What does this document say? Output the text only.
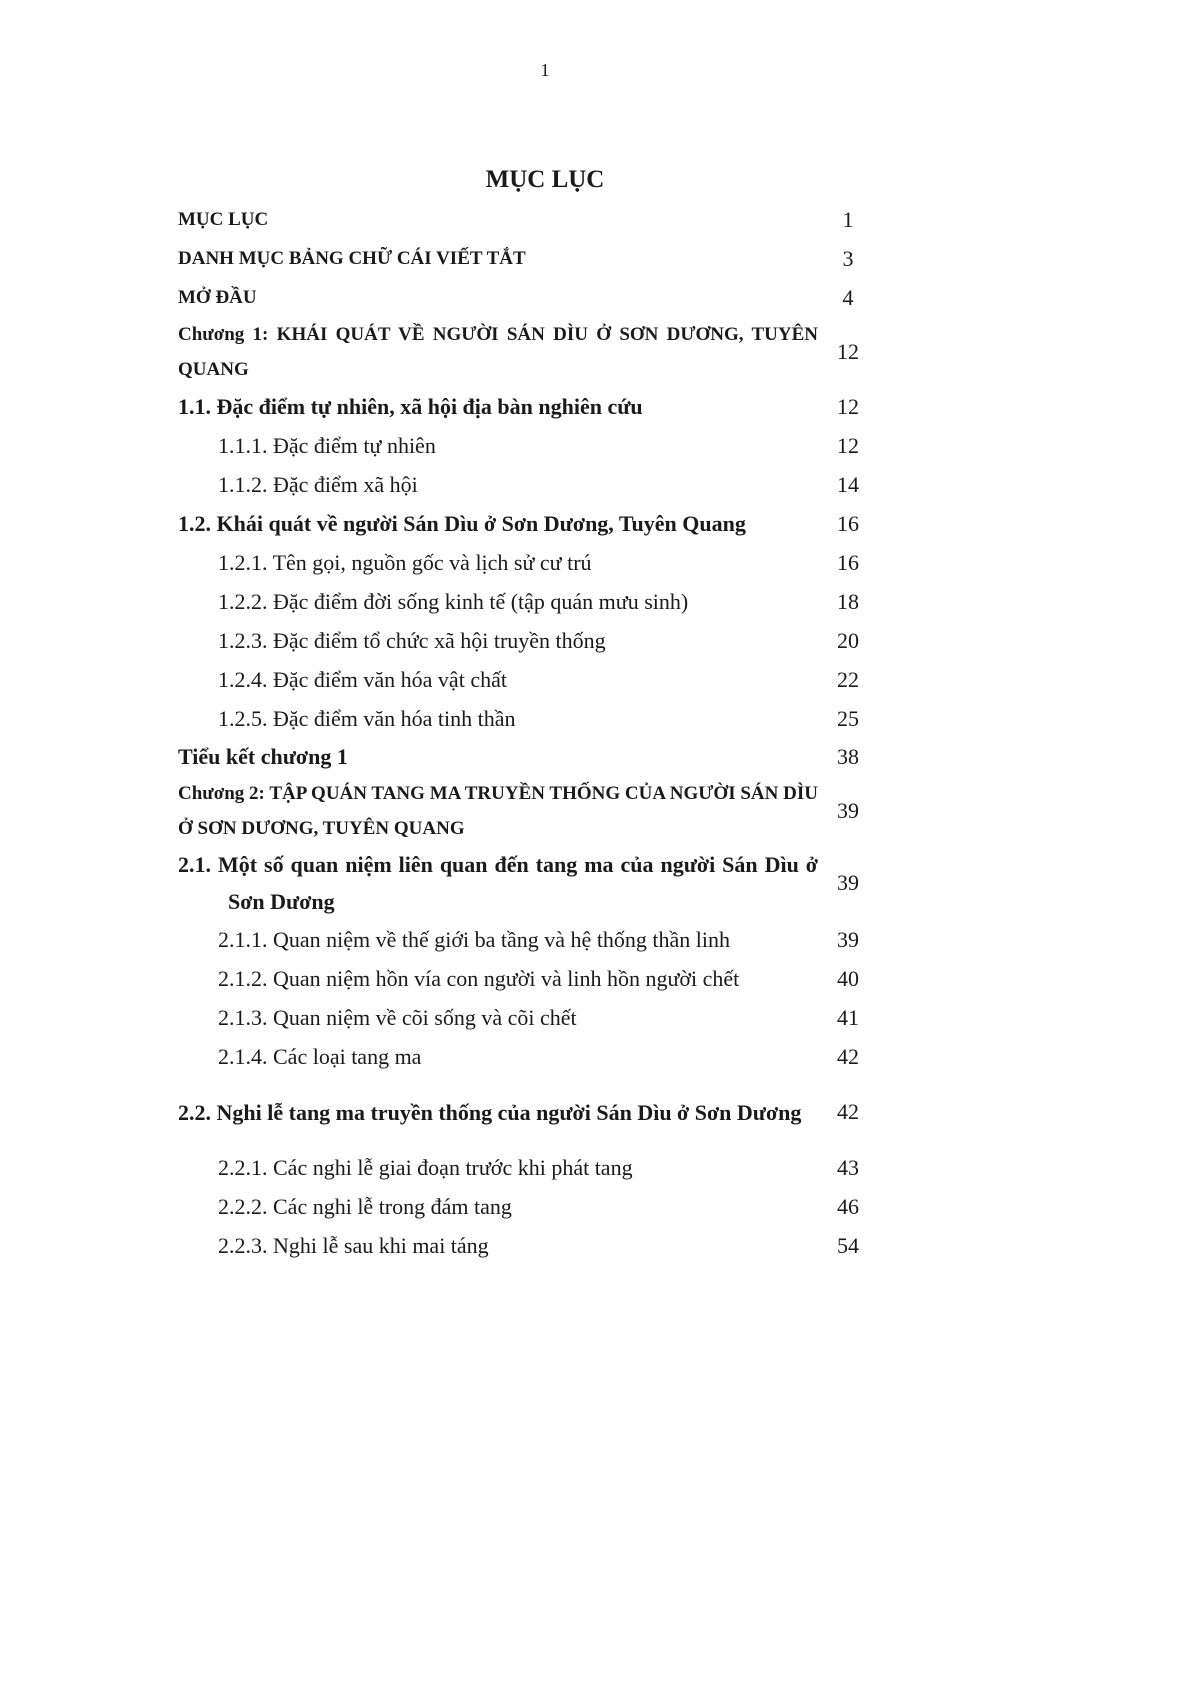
1
MỤC LỤC
MỤC LỤC	1

DANH MỤC BẢNG CHỮ CÁI VIẾT TẮT	3

MỞ ĐẦU	4

Chương 1: KHÁI QUÁT VỀ NGƯỜI SÁN DÌU Ở SƠN DƯƠNG, TUYÊN QUANG	12

1.1. Đặc điểm tự nhiên, xã hội địa bàn nghiên cứu	12

1.1.1. Đặc điểm tự nhiên	12

1.1.2. Đặc điểm xã hội	14

1.2. Khái quát về người Sán Dìu ở Sơn Dương, Tuyên Quang	16

1.2.1. Tên gọi, nguồn gốc và lịch sử cư trú	16

1.2.2. Đặc điểm đời sống kinh tế (tập quán mưu sinh)	18

1.2.3. Đặc điểm tổ chức xã hội truyền thống	20

1.2.4. Đặc điểm văn hóa vật chất	22

1.2.5. Đặc điểm văn hóa tinh thần	25

Tiểu kết chương 1	38

Chương 2: TẬP QUÁN TANG MA TRUYỀN THỐNG CỦA NGƯỜI SÁN DÌU Ở SƠN DƯƠNG, TUYÊN QUANG	39

2.1. Một số quan niệm liên quan đến tang ma của người Sán Dìu ở Sơn Dương	39

2.1.1. Quan niệm về thế giới ba tầng và hệ thống thần linh	39

2.1.2. Quan niệm hồn vía con người và linh hồn người chết	40

2.1.3. Quan niệm về cõi sống và cõi chết	41

2.1.4. Các loại tang ma	42

2.2. Nghi lễ tang ma truyền thống của người Sán Dìu ở Sơn Dương	42

2.2.1. Các nghi lễ giai đoạn trước khi phát tang	43

2.2.2. Các nghi lễ trong đám tang	46

2.2.3. Nghi lễ sau khi mai táng	54
